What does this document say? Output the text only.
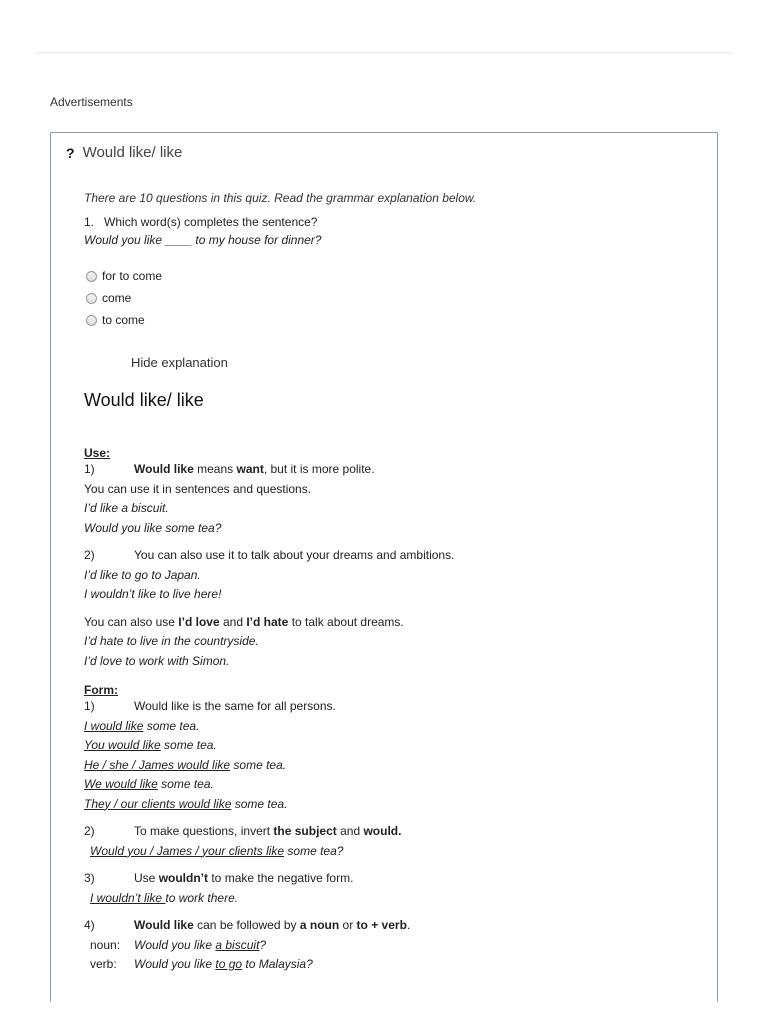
Advertisements
? Would like/ like
There are 10 questions in this quiz. Read the grammar explanation below.
1. Which word(s) completes the sentence?
Would you like ____ to my house for dinner?
for to come
come
to come
Hide explanation
Would like/ like
Use:
1)	Would like means want, but it is more polite.
You can use it in sentences and questions.
I’d like a biscuit.
Would you like some tea?
2)	You can also use it to talk about your dreams and ambitions.
I’d like to go to Japan.
I wouldn’t like to live here!
You can also use I’d love and I’d hate to talk about dreams.
I’d hate to live in the countryside.
I’d love to work with Simon.
Form:
1)	Would like is the same for all persons.
I would like some tea.
You would like some tea.
He / she / James would like some tea.
We would like some tea.
They / our clients would like some tea.
2)	To make questions, invert the subject and would.
Would you / James / your clients like some tea?
3)	Use wouldn’t to make the negative form.
I wouldn’t like to work there.
4)	Would like can be followed by a noun or to + verb.
noun: Would you like a biscuit?
verb: Would you like to go to Malaysia?
